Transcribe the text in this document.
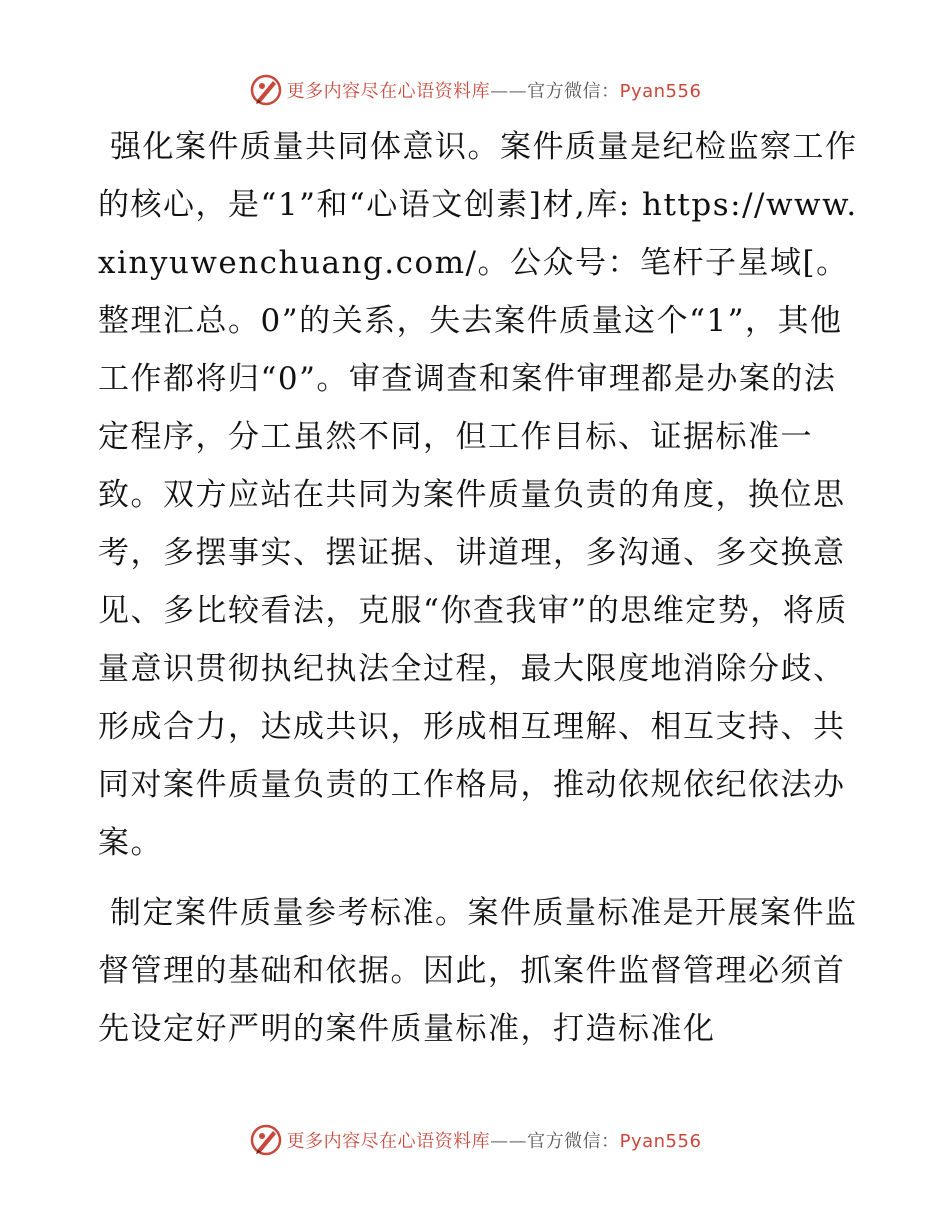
更多内容尽在心语资料库——官方微信：Pyan556

强化案件质量共同体意识。案件质量是纪检监察工作的核心，是“1”和“心语文创素]材,库: https://www.xinyuwenchuang.com/。公众号：笔杆子星域[。整理汇总。0”的关系，失去案件质量这个“1”，其他工作都将归“0”。审查调查和案件审理都是办案的法定程序，分工虽然不同，但工作目标、证据标准一致。双方应站在共同为案件质量负责的角度，换位思考，多摆事实、摆证据、讲道理，多沟通、多交换意见、多比较看法，克服“你查我审”的思维定势，将质量意识贯彻执纪执法全过程，最大限度地消除分歧、形成合力，达成共识，形成相互理解、相互支持、共同对案件质量负责的工作格局，推动依规依纪依法办案。

制定案件质量参考标准。案件质量标准是开展案件监督管理的基础和依据。因此，抓案件监督管理必须首先设定好严明的案件质量标准，打造标准化

更多内容尽在心语资料库——官方微信：Pyan556
